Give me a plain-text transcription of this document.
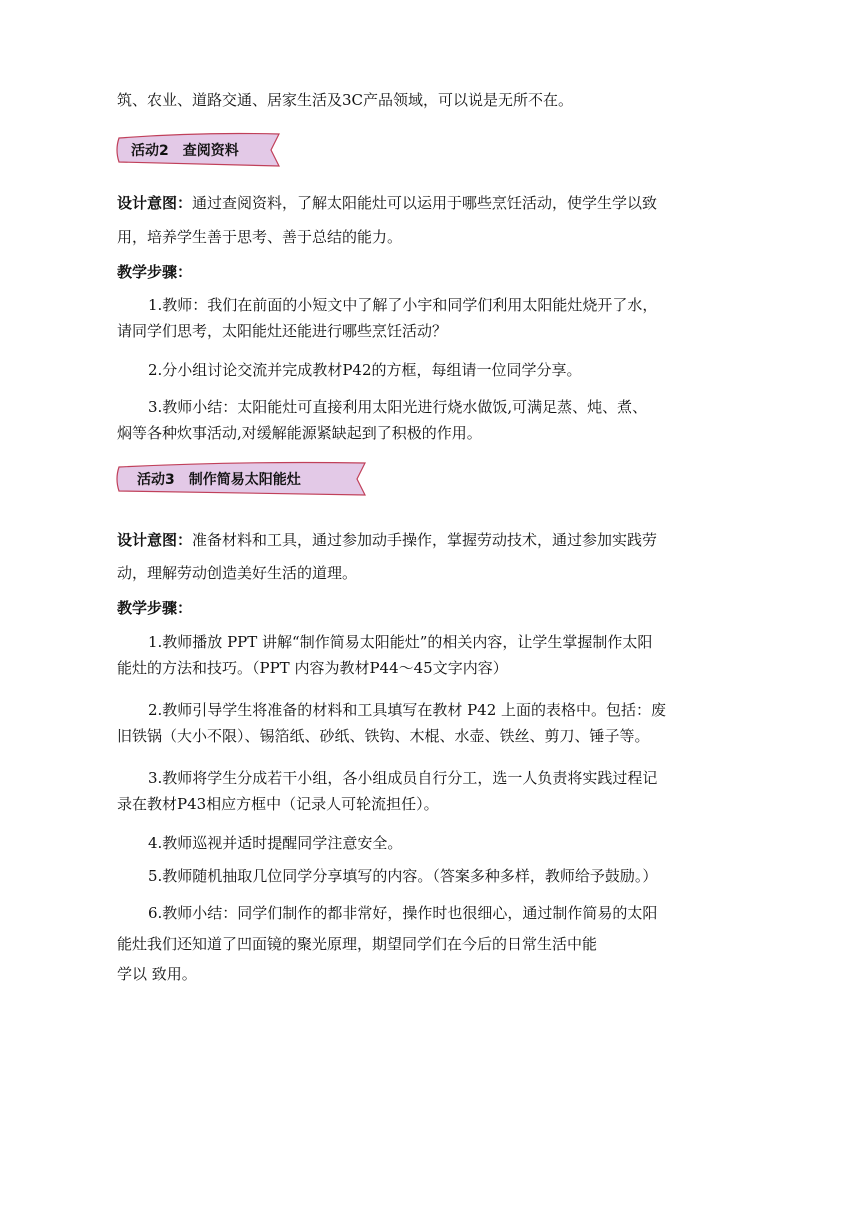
筑、农业、道路交通、居家生活及3C产品领域，可以说是无所不在。
活动2　查阅资料
设计意图：通过查阅资料，了解太阳能灶可以运用于哪些烹饪活动，使学生学以致
用，培养学生善于思考、善于总结的能力。
教学步骤：
1.教师：我们在前面的小短文中了解了小宇和同学们利用太阳能灶烧开了水，
请同学们思考，太阳能灶还能进行哪些烹饪活动？
2.分小组讨论交流并完成教材P42的方框，每组请一位同学分享。
3.教师小结：太阳能灶可直接利用太阳光进行烧水做饭,可满足蒸、炖、煮、
焖等各种炊事活动,对缓解能源紧缺起到了积极的作用。
活动3　制作简易太阳能灶
设计意图：准备材料和工具，通过参加动手操作，掌握劳动技术，通过参加实践劳
动，理解劳动创造美好生活的道理。
教学步骤：
1.教师播放 PPT 讲解“制作简易太阳能灶”的相关内容，让学生掌握制作太阳
能灶的方法和技巧。（PPT 内容为教材P44～45文字内容）
2.教师引导学生将准备的材料和工具填写在教材 P42 上面的表格中。包括：废
旧铁锅（大小不限）、锡箔纸、砂纸、铁钩、木棍、水壶、铁丝、剪刀、锤子等。
3.教师将学生分成若干小组，各小组成员自行分工，选一人负责将实践过程记
录在教材P43相应方框中（记录人可轮流担任）。
4.教师巡视并适时提醒同学注意安全。
5.教师随机抽取几位同学分享填写的内容。（答案多种多样，教师给予鼓励。）
6.教师小结：同学们制作的都非常好，操作时也很细心，通过制作简易的太阳
能灶我们还知道了凹面镜的聚光原理，期望同学们在今后的日常生活中能
学以 致用。
